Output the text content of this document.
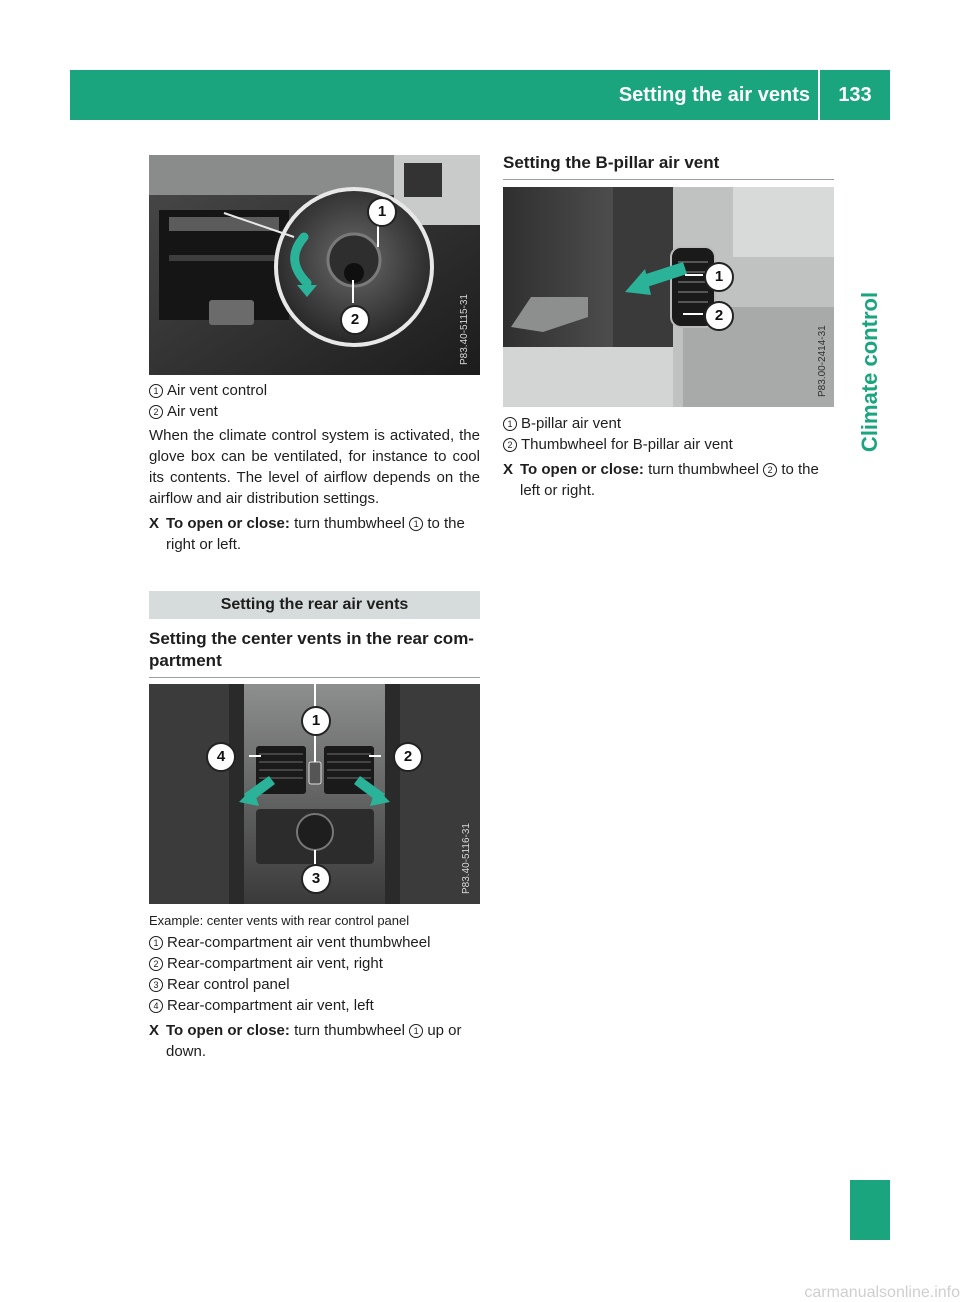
Setting the air vents	133
Climate control
P83.40-5115-31
1
2
1 Air vent control
2 Air vent
When the climate control system is activated, the glove box can be ventilated, for instance to cool its contents. The level of airflow depends on the airflow and air distribution settings.
X To open or close: turn thumbwheel 1 to the right or left.
Setting the rear air vents
Setting the center vents in the rear com-partment
P83.40-5116-31
1
2
3
4
Example: center vents with rear control panel
1 Rear-compartment air vent thumbwheel
2 Rear-compartment air vent, right
3 Rear control panel
4 Rear-compartment air vent, left
X To open or close: turn thumbwheel 1 up or down.
Setting the B-pillar air vent
P83.00-2414-31
1
2
1 B-pillar air vent
2 Thumbwheel for B-pillar air vent
X To open or close: turn thumbwheel 2 to the left or right.
carmanualsonline.info
